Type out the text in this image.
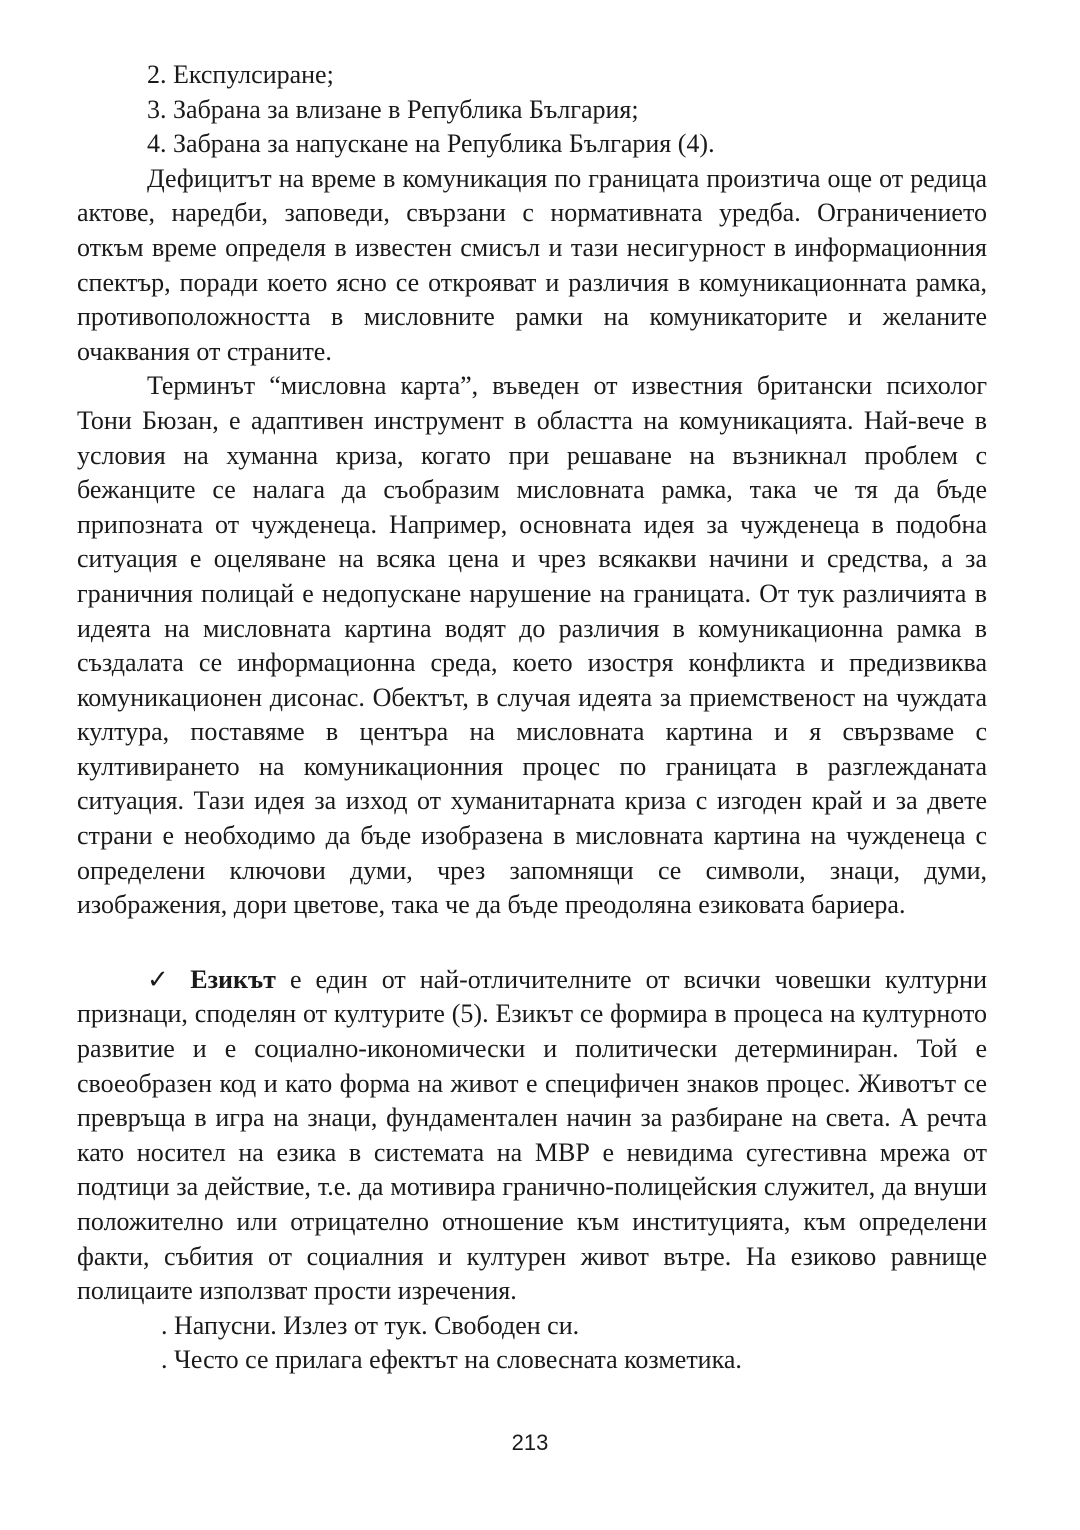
2. Експулсиране;
3. Забрана за влизане в Република България;
4. Забрана за напускане на Република България (4).

Дефицитът на време в комуникация по границата произтича още от редица актове, наредби, заповеди, свързани с нормативната уредба. Ограничението откъм време определя в известен смисъл и тази несигурност в информационния спектър, поради което ясно се открояват и различия в комуникационната рамка, противоположността в мисловните рамки на комуникаторите и желаните очаквания от страните.

Терминът “мисловна карта”, въведен от известния британски психолог Тони Бюзан, е адаптивен инструмент в областта на комуникацията. Най-вече в условия на хуманна криза, когато при решаване на възникнал проблем с бежанците се налага да съобразим мисловната рамка, така че тя да бъде припозната от чужденеца. Например, основната идея за чужденеца в подобна ситуация е оцеляване на всяка цена и чрез всякакви начини и средства, а за граничния полицай е недопускане нарушение на границата. От тук различията в идеята на мисловната картина водят до различия в комуникационна рамка в създалата се информационна среда, което изостря конфликта и предизвиква комуникационен дисонас. Обектът, в случая идеята за приемственост на чуждата култура, поставяме в центъра на мисловната картина и я свързваме с култивирането на комуникационния процес по границата в разглежданата ситуация. Тази идея за изход от хуманитарната криза с изгоден край и за двете страни е необходимо да бъде изобразена в мисловната картина на чужденеца с определени ключови думи, чрез запомнящи се символи, знаци, думи, изображения, дори цветове, така че да бъде преодоляна езиковата бариера.

✓ Езикът е един от най-отличителните от всички човешки културни признаци, споделян от културите (5). Езикът се формира в процеса на културното развитие и е социално-икономически и политически детерминиран. Той е своеобразен код и като форма на живот е специфичен знаков процес. Животът се превръща в игра на знаци, фундаментален начин за разбиране на света. А речта като носител на езика в системата на МВР е невидима сугестивна мрежа от подтици за действие, т.е. да мотивира гранично-полицейския служител, да внуши положително или отрицателно отношение към институцията, към определени факти, събития от социалния и културен живот вътре. На езиково равнище полицаите използват прости изречения.

. Напусни. Излез от тук. Свободен си.
. Често се прилага ефектът на словесната козметика.
213
